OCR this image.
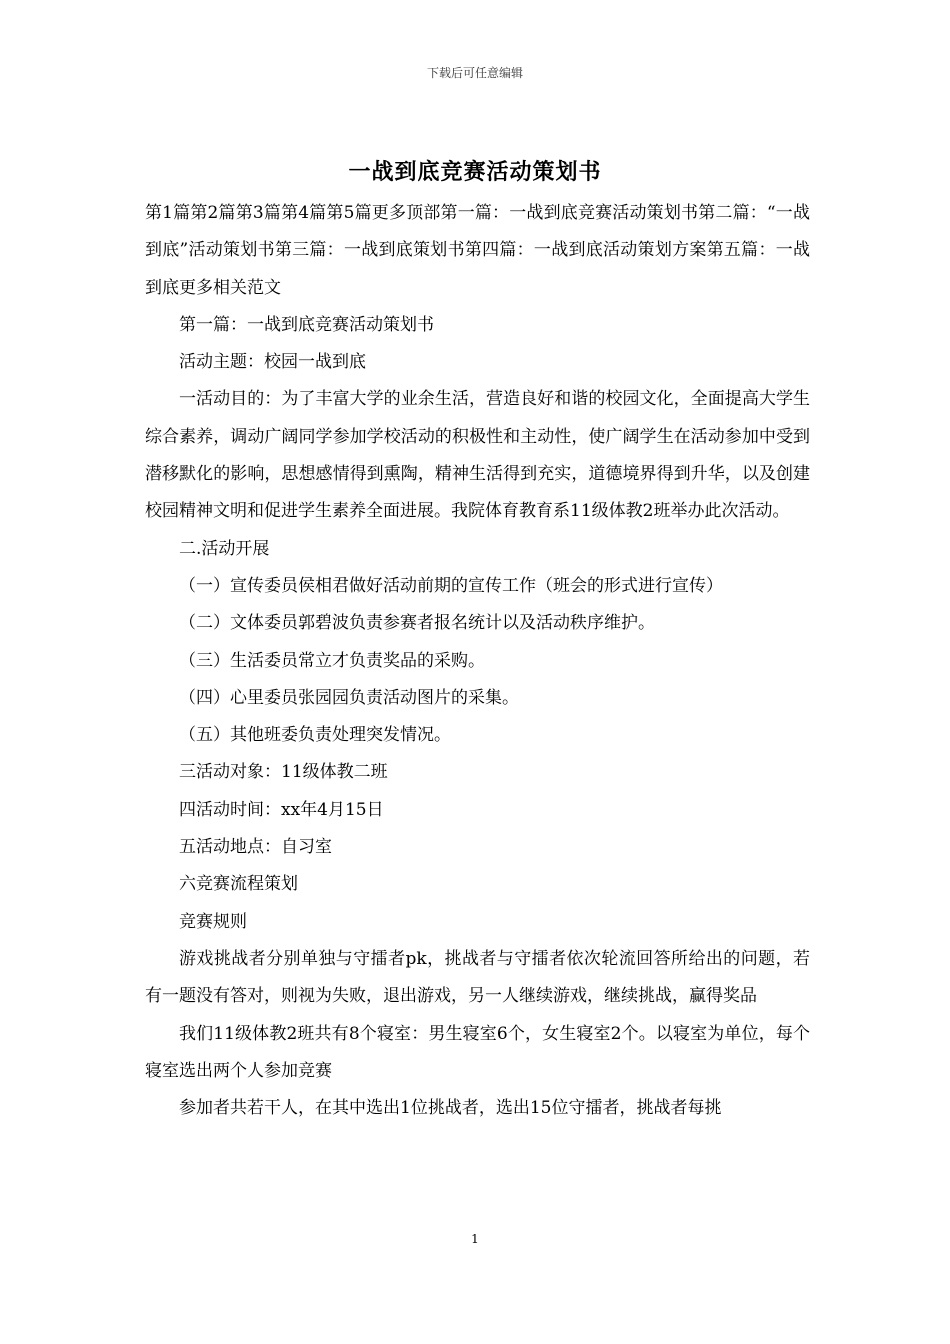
下载后可任意编辑
一战到底竞赛活动策划书

第1篇第2篇第3篇第4篇第5篇更多顶部第一篇：一战到底竞赛活动策划书第二篇：“一战到底”活动策划书第三篇：一战到底策划书第四篇：一战到底活动策划方案第五篇：一战到底更多相关范文

第一篇：一战到底竞赛活动策划书

活动主题：校园一战到底

一活动目的：为了丰富大学的业余生活，营造良好和谐的校园文化，全面提高大学生综合素养，调动广阔同学参加学校活动的积极性和主动性，使广阔学生在活动参加中受到潜移默化的影响，思想感情得到熏陶，精神生活得到充实，道德境界得到升华，以及创建校园精神文明和促进学生素养全面进展。我院体育教育系11级体教2班举办此次活动。

二.活动开展

（一）宣传委员侯相君做好活动前期的宣传工作（班会的形式进行宣传）

（二）文体委员郭碧波负责参赛者报名统计以及活动秩序维护。

（三）生活委员常立才负责奖品的采购。

（四）心里委员张园园负责活动图片的采集。

（五）其他班委负责处理突发情况。

三活动对象：11级体教二班

四活动时间：xx年4月15日

五活动地点：自习室

六竞赛流程策划

竞赛规则

游戏挑战者分别单独与守擂者pk，挑战者与守擂者依次轮流回答所给出的问题，若有一题没有答对，则视为失败，退出游戏，另一人继续游戏，继续挑战，赢得奖品

我们11级体教2班共有8个寝室：男生寝室6个，女生寝室2个。以寝室为单位，每个寝室选出两个人参加竞赛

参加者共若干人，在其中选出1位挑战者，选出15位守擂者，挑战者每挑

1
